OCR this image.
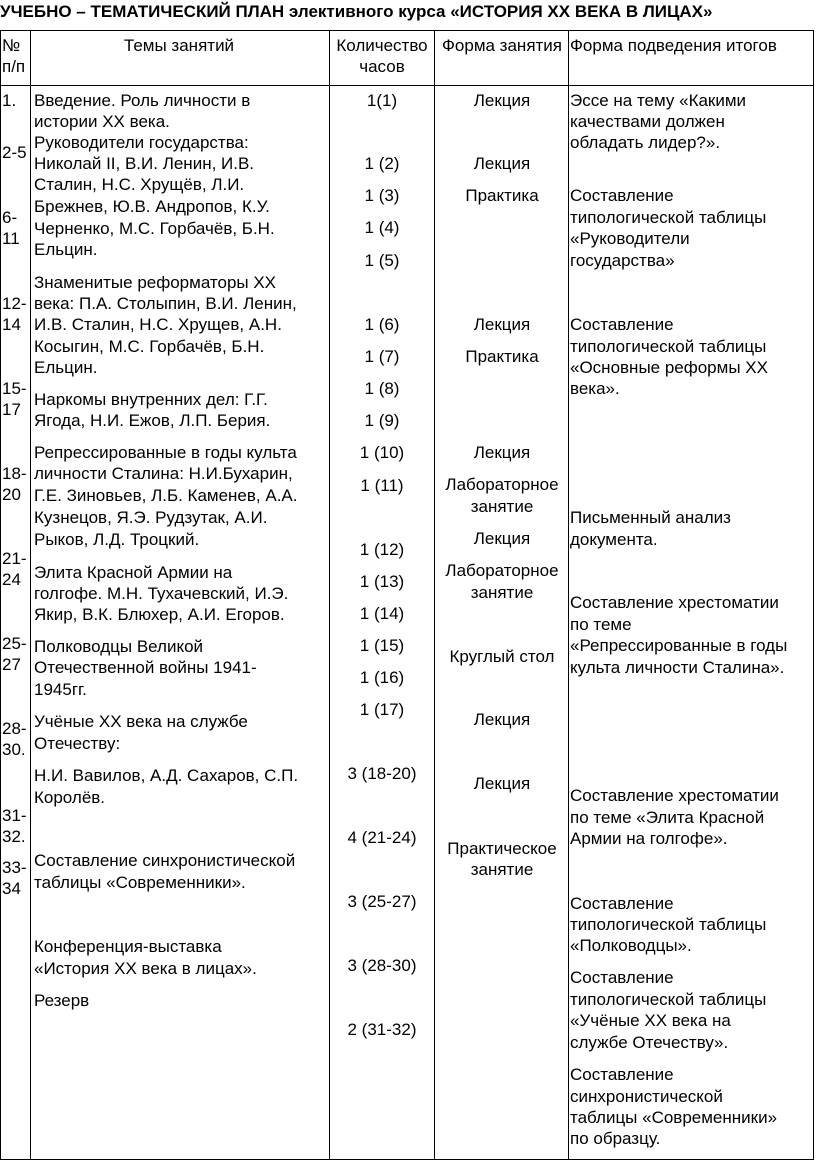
УЧЕБНО – ТЕМАТИЧЕСКИЙ ПЛАН элективного курса «ИСТОРИЯ ХХ ВЕКА В ЛИЦАХ»
№
п/п
Темы занятий	Количество
часов
Форма занятия Форма подведения итогов
1.
2-5
6-
11
12-
14
15-
17
18-
20
21-
24
25-
27
28-
30.
31-
32.
33-
34
Введение. Роль личности в
истории ХХ века.
Руководители государства:
Николай II, В.И. Ленин, И.В.
Сталин, Н.С. Хрущёв, Л.И.
Брежнев, Ю.В. Андропов, К.У.
Черненко, М.С. Горбачёв, Б.Н.
Ельцин.
Знаменитые реформаторы ХХ
века: П.А. Столыпин, В.И. Ленин,
И.В. Сталин, Н.С. Хрущев, А.Н.
Косыгин, М.С. Горбачёв, Б.Н.
Ельцин.
Наркомы внутренних дел: Г.Г.
Ягода, Н.И. Ежов, Л.П. Берия.
Репрессированные в годы культа
личности Сталина: Н.И.Бухарин,
Г.Е. Зиновьев, Л.Б. Каменев, А.А.
Кузнецов, Я.Э. Рудзутак, А.И.
Рыков, Л.Д. Троцкий.
Элита Красной Армии на
голгофе. М.Н. Тухачевский, И.Э.
Якир, В.К. Блюхер, А.И. Егоров.
Полководцы Великой
Отечественной войны 1941-
1945гг.
Учёные ХХ века на службе
Отечеству:
Н.И. Вавилов, А.Д. Сахаров, С.П.
Королёв.
Составление синхронистической
таблицы «Современники».
Конференция-выставка
«История ХХ века в лицах».
Резерв
1(1)
1 (2)
1 (3)
1 (4)
1 (5)
1 (6)
1 (7)
1 (8)
1 (9)
1 (10)
1 (11)
1 (12)
1 (13)
1 (14)
1 (15)
1 (16)
1 (17)
3 (18-20)
4 (21-24)
3 (25-27)
3 (28-30)
2 (31-32)
Лекция
Лекция
Практика
Лекция
Практика
Лекция
Лабораторное
занятие
Лекция
Лабораторное
занятие
Круглый стол
Лекция
Лекция
Практическое
занятие
Эссе на тему «Какими
качествами должен
обладать лидер?».
Составление
типологической таблицы
«Руководители
государства»
Составление
типологической таблицы
«Основные реформы ХХ
века».
Письменный анализ
документа.
Составление хрестоматии
по теме
«Репрессированные в годы
культа личности Сталина».
Составление хрестоматии
по теме «Элита Красной
Армии на голгофе».
Составление
типологической таблицы
«Полководцы».
Составление
типологической таблицы
«Учёные ХХ века на
службе Отечеству».
Составление
синхронистической
таблицы «Современники»
по образцу.
